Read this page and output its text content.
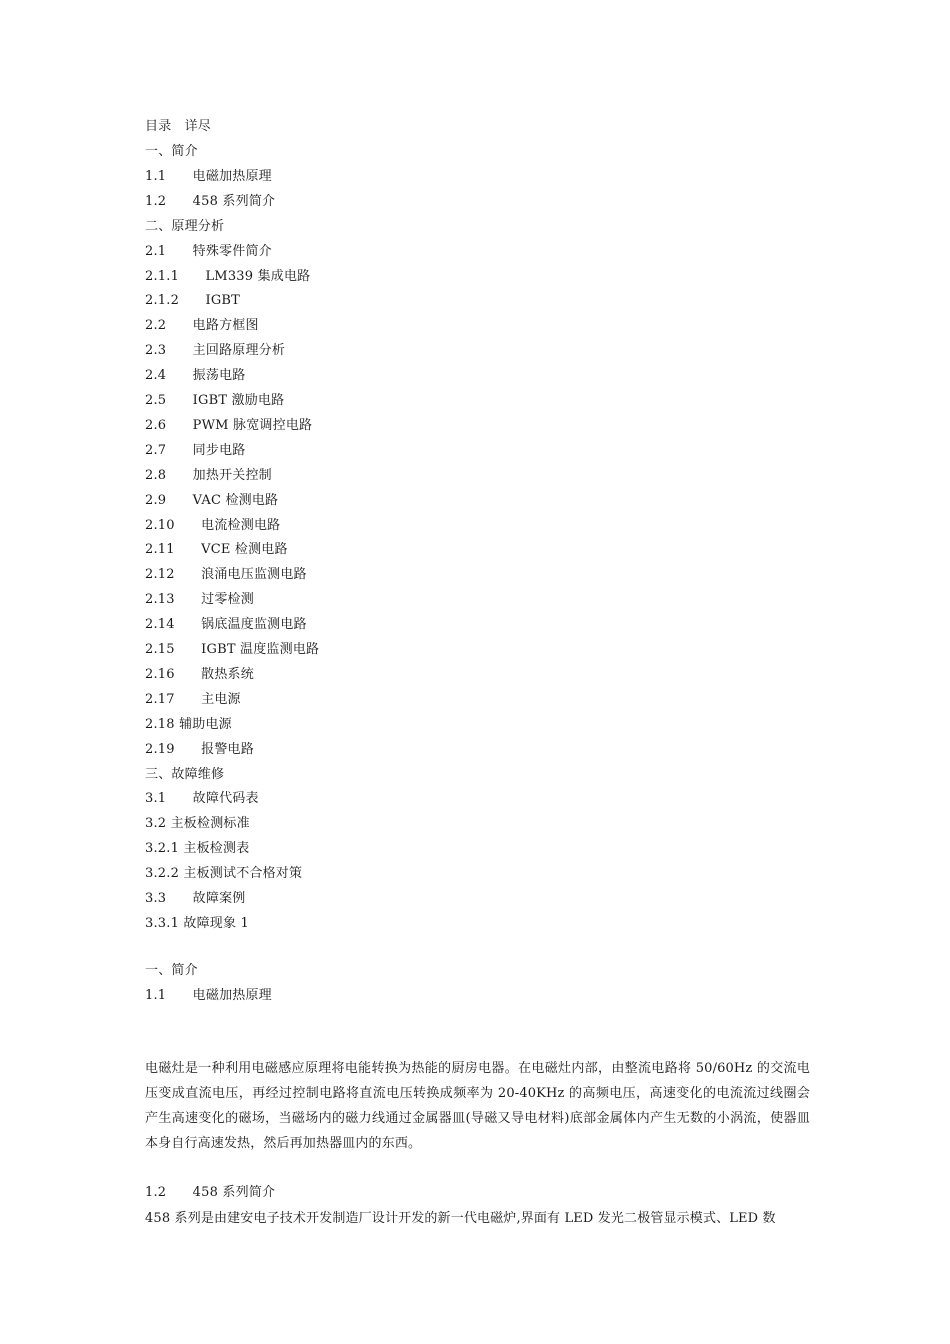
目录　详尽
一、简介
1.1　　电磁加热原理
1.2　　458 系列简介
二、原理分析
2.1　　特殊零件简介
2.1.1　　LM339 集成电路
2.1.2　　IGBT
2.2　　电路方框图
2.3　　主回路原理分析
2.4　　振荡电路
2.5　　IGBT 激励电路
2.6　　PWM 脉宽调控电路
2.7　　同步电路
2.8　　加热开关控制
2.9　　VAC 检测电路
2.10　　电流检测电路
2.11　　VCE 检测电路
2.12　　浪涌电压监测电路
2.13　　过零检测
2.14　　锅底温度监测电路
2.15　　IGBT 温度监测电路
2.16　　散热系统
2.17　　主电源
2.18 辅助电源
2.19　　报警电路
三、故障维修
3.1　　故障代码表
3.2 主板检测标准
3.2.1 主板检测表
3.2.2 主板测试不合格对策
3.3　　故障案例
3.3.1 故障现象 1
一、简介
1.1　　电磁加热原理
电磁灶是一种利用电磁感应原理将电能转换为热能的厨房电器。在电磁灶内部，由整流电路将 50/60Hz 的交流电压变成直流电压，再经过控制电路将直流电压转换成频率为 20-40KHz 的高频电压，高速变化的电流流过线圈会产生高速变化的磁场，当磁场内的磁力线通过金属器皿(导磁又导电材料)底部金属体内产生无数的小涡流，使器皿本身自行高速发热，然后再加热器皿内的东西。
1.2　　458 系列简介
458 系列是由建安电子技术开发制造厂设计开发的新一代电磁炉,界面有 LED 发光二极管显示模式、LED 数
